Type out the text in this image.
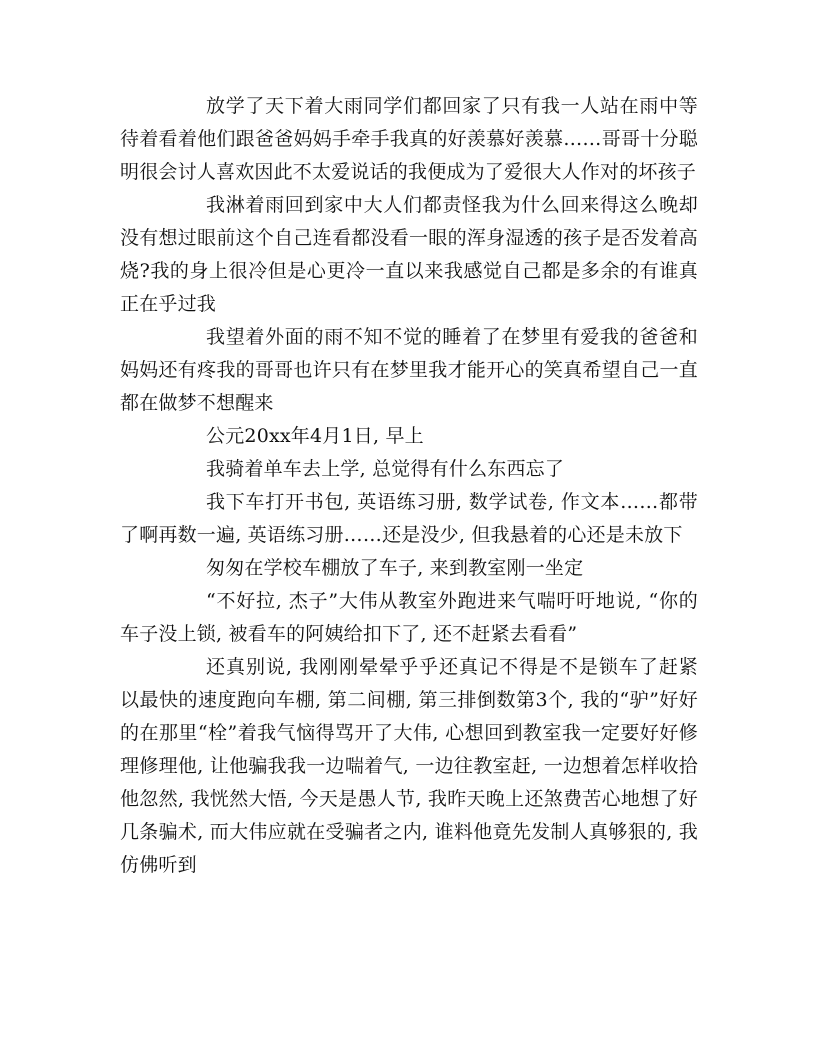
放学了天下着大雨同学们都回家了只有我一人站在雨中等待着看着他们跟爸爸妈妈手牵手我真的好羡慕好羡慕……哥哥十分聪明很会讨人喜欢因此不太爱说话的我便成为了爱很大人作对的坏孩子

我淋着雨回到家中大人们都责怪我为什么回来得这么晚却没有想过眼前这个自己连看都没看一眼的浑身湿透的孩子是否发着高烧?我的身上很冷但是心更冷一直以来我感觉自己都是多余的有谁真正在乎过我

我望着外面的雨不知不觉的睡着了在梦里有爱我的爸爸和妈妈还有疼我的哥哥也许只有在梦里我才能开心的笑真希望自己一直都在做梦不想醒来

公元20xx年4月1日, 早上

我骑着单车去上学, 总觉得有什么东西忘了

我下车打开书包, 英语练习册, 数学试卷, 作文本……都带了啊再数一遍, 英语练习册……还是没少, 但我悬着的心还是未放下

匆匆在学校车棚放了车子, 来到教室刚一坐定

“不好拉, 杰子”大伟从教室外跑进来气喘吁吁地说, “你的车子没上锁, 被看车的阿姨给扣下了, 还不赶紧去看看”

还真别说, 我刚刚晕晕乎乎还真记不得是不是锁车了赶紧以最快的速度跑向车棚, 第二间棚, 第三排倒数第3个, 我的“驴”好好的在那里“栓”着我气恼得骂开了大伟, 心想回到教室我一定要好好修理修理他, 让他骗我我一边喘着气, 一边往教室赶, 一边想着怎样收拾他忽然, 我恍然大悟, 今天是愚人节, 我昨天晚上还煞费苦心地想了好几条骗术, 而大伟应就在受骗者之内, 谁料他竟先发制人真够狠的, 我仿佛听到
